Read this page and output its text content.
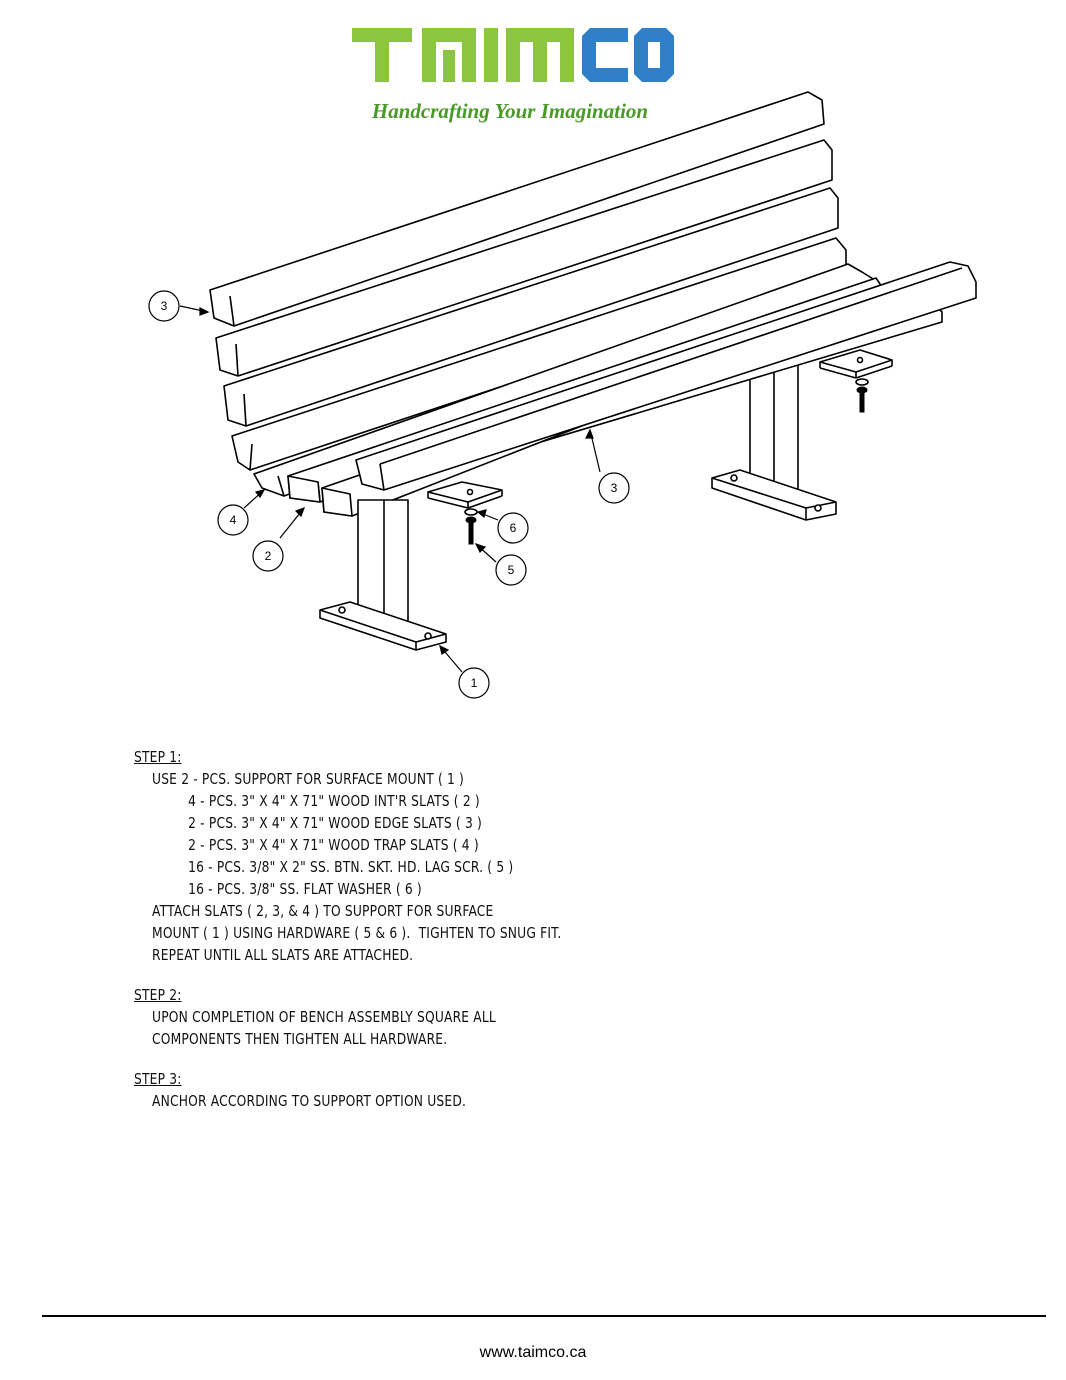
Handcrafting Your Imagination
3
3
4
2
6
5
1
STEP 1:
USE 2 - PCS. SUPPORT FOR SURFACE MOUNT ( 1 )
4 - PCS. 3" X 4" X 71" WOOD INT'R SLATS ( 2 )
2 - PCS. 3" X 4" X 71" WOOD EDGE SLATS ( 3 )
2 - PCS. 3" X 4" X 71" WOOD TRAP SLATS ( 4 )
16 - PCS. 3/8" X 2" SS. BTN. SKT. HD. LAG SCR. ( 5 )
16 - PCS. 3/8" SS. FLAT WASHER ( 6 )
ATTACH SLATS ( 2, 3, & 4 ) TO SUPPORT FOR SURFACE
MOUNT ( 1 ) USING HARDWARE ( 5 & 6 ).  TIGHTEN TO SNUG FIT.
REPEAT UNTIL ALL SLATS ARE ATTACHED.
STEP 2:
UPON COMPLETION OF BENCH ASSEMBLY SQUARE ALL
COMPONENTS THEN TIGHTEN ALL HARDWARE.
STEP 3:
ANCHOR ACCORDING TO SUPPORT OPTION USED.
www.taimco.ca
